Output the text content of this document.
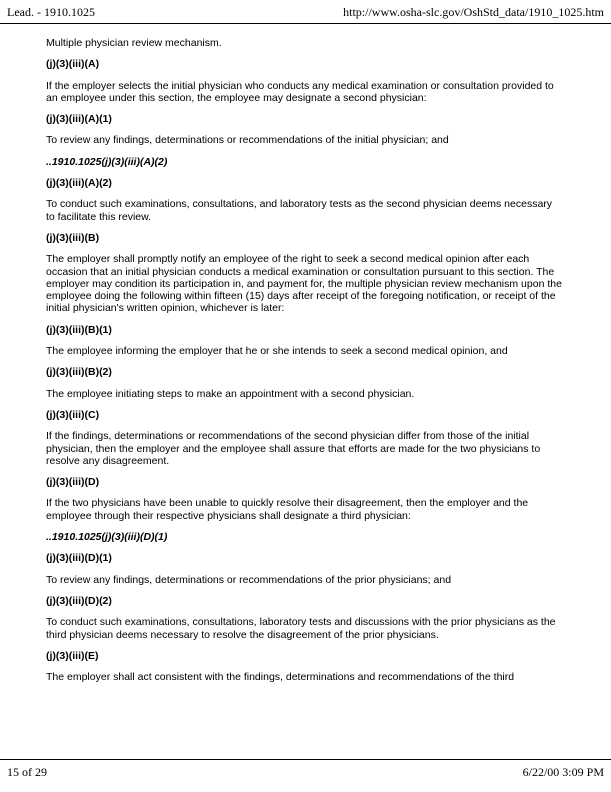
Lead. - 1910.1025	http://www.osha-slc.gov/OshStd_data/1910_1025.htm

Multiple physician review mechanism.

(j)(3)(iii)(A)

If the employer selects the initial physician who conducts any medical examination or consultation provided to an employee under this section, the employee may designate a second physician:

(j)(3)(iii)(A)(1)

To review any findings, determinations or recommendations of the initial physician; and

..1910.1025(j)(3)(iii)(A)(2)

(j)(3)(iii)(A)(2)

To conduct such examinations, consultations, and laboratory tests as the second physician deems necessary to facilitate this review.

(j)(3)(iii)(B)

The employer shall promptly notify an employee of the right to seek a second medical opinion after each occasion that an initial physician conducts a medical examination or consultation pursuant to this section. The employer may condition its participation in, and payment for, the multiple physician review mechanism upon the employee doing the following within fifteen (15) days after receipt of the foregoing notification, or receipt of the initial physician's written opinion, whichever is later:

(j)(3)(iii)(B)(1)

The employee informing the employer that he or she intends to seek a second medical opinion, and

(j)(3)(iii)(B)(2)

The employee initiating steps to make an appointment with a second physician.

(j)(3)(iii)(C)

If the findings, determinations or recommendations of the second physician differ from those of the initial physician, then the employer and the employee shall assure that efforts are made for the two physicians to resolve any disagreement.

(j)(3)(iii)(D)

If the two physicians have been unable to quickly resolve their disagreement, then the employer and the employee through their respective physicians shall designate a third physician:

..1910.1025(j)(3)(iii)(D)(1)

(j)(3)(iii)(D)(1)

To review any findings, determinations or recommendations of the prior physicians; and

(j)(3)(iii)(D)(2)

To conduct such examinations, consultations, laboratory tests and discussions with the prior physicians as the third physician deems necessary to resolve the disagreement of the prior physicians.

(j)(3)(iii)(E)

The employer shall act consistent with the findings, determinations and recommendations of the third

15 of 29	6/22/00 3:09 PM
